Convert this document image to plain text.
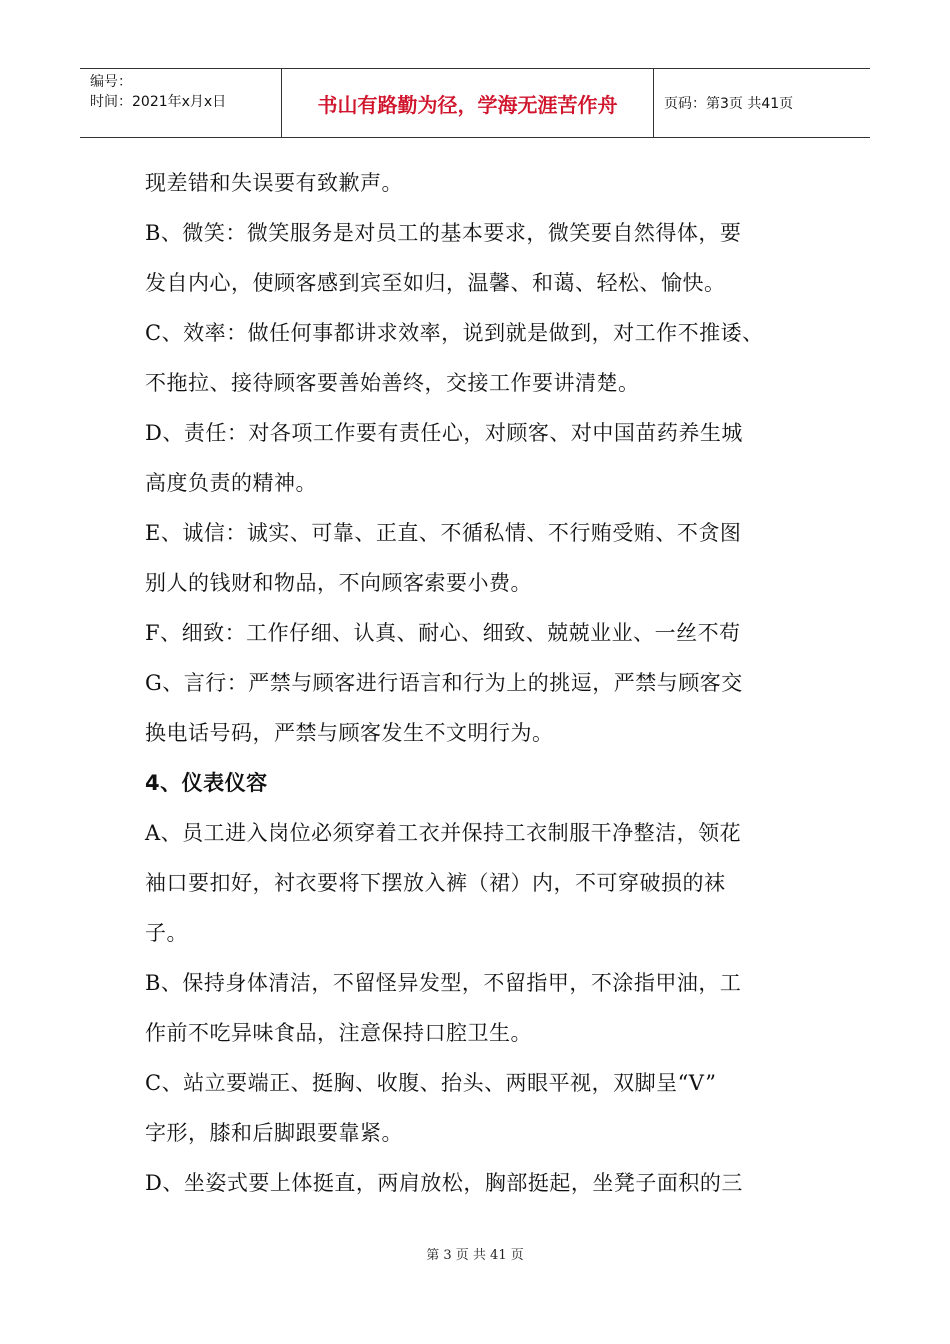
编号：
时间：2021年x月x日	书山有路勤为径，学海无涯苦作舟	页码：第3页 共41页
现差错和失误要有致歉声。
B、微笑：微笑服务是对员工的基本要求，微笑要自然得体，要
发自内心，使顾客感到宾至如归，温馨、和蔼、轻松、愉快。
C、效率：做任何事都讲求效率，说到就是做到，对工作不推诿、
不拖拉、接待顾客要善始善终，交接工作要讲清楚。
D、责任：对各项工作要有责任心，对顾客、对中国苗药养生城
高度负责的精神。
E、诚信：诚实、可靠、正直、不循私情、不行贿受贿、不贪图
别人的钱财和物品，不向顾客索要小费。
F、细致：工作仔细、认真、耐心、细致、兢兢业业、一丝不苟
G、言行：严禁与顾客进行语言和行为上的挑逗，严禁与顾客交
换电话号码，严禁与顾客发生不文明行为。
4、仪表仪容
A、员工进入岗位必须穿着工衣并保持工衣制服干净整洁，领花
袖口要扣好，衬衣要将下摆放入裤（裙）内，不可穿破损的袜
子。
B、保持身体清洁，不留怪异发型，不留指甲，不涂指甲油，工
作前不吃异味食品，注意保持口腔卫生。
C、站立要端正、挺胸、收腹、抬头、两眼平视，双脚呈“V”
字形，膝和后脚跟要靠紧。
D、坐姿式要上体挺直，两肩放松，胸部挺起，坐凳子面积的三
第 3 页 共 41 页
